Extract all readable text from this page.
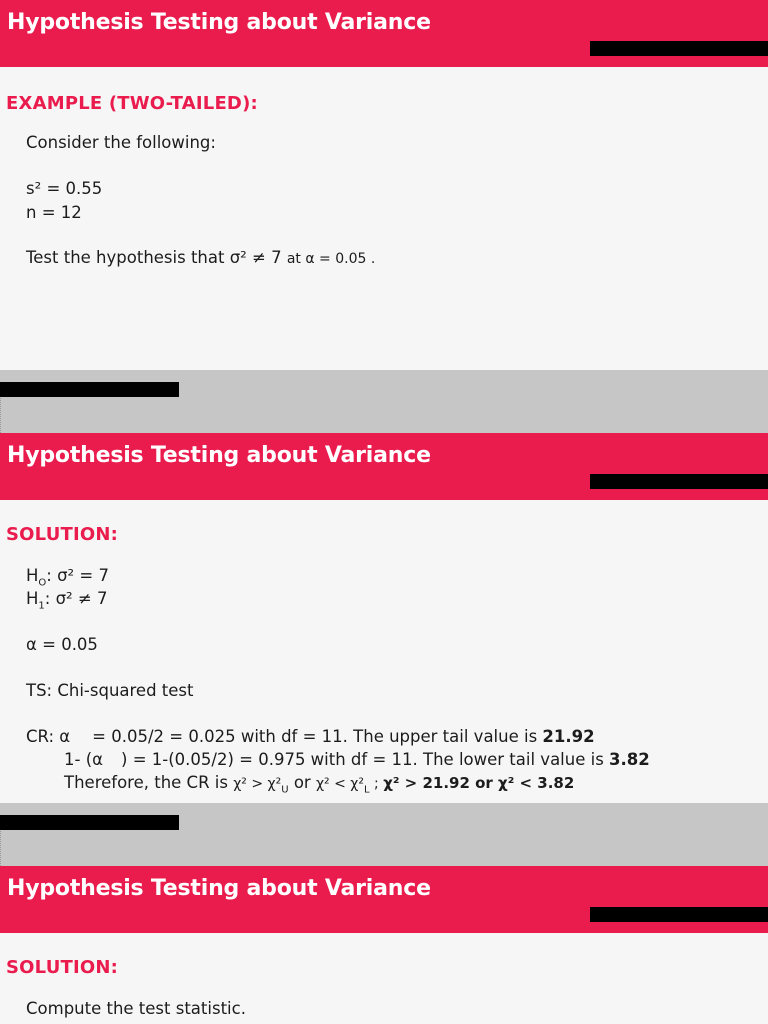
Hypothesis Testing about Variance
EXAMPLE (TWO-TAILED):
Consider the following:
s² = 0.55
n = 12
Test the hypothesis that σ² ≠ 7 at α = 0.05 .
Hypothesis Testing about Variance
SOLUTION:
$H_O$: σ² = 7
$H_1$: σ² ≠ 7
α = 0.05
TS: Chi-squared test
CR: α = 0.05/2 = 0.025 with df = 11. The upper tail value is 21.92
1- (α ) = 1-(0.05/2) = 0.975 with df = 11. The lower tail value is 3.82
Therefore, the CR is $\chi^2 > \chi^2_U$ or $\chi^2 < \chi^2_L$ ; χ² > 21.92 or χ² < 3.82
Hypothesis Testing about Variance
SOLUTION:
Compute the test statistic.
